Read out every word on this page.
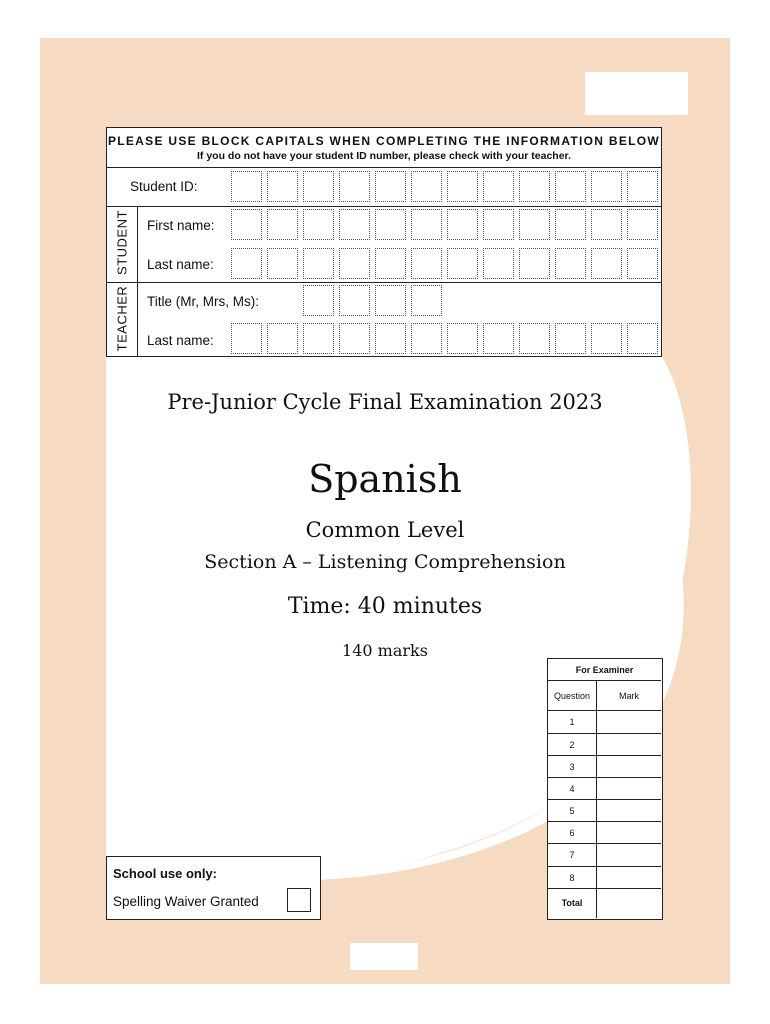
PLEASE USE BLOCK CAPITALS WHEN COMPLETING THE INFORMATION BELOW
If you do not have your student ID number, please check with your teacher.
Student ID:
STUDENT First name:
Last name:
TEACHER Title (Mr, Mrs, Ms):
Last name:
Pre-Junior Cycle Final Examination 2023
Spanish
Common Level
Section A – Listening Comprehension
Time: 40 minutes
140 marks
For Examiner
Question	Mark
1
2
3
4
5
6
7
8
Total
School use only:
Spelling Waiver Granted
